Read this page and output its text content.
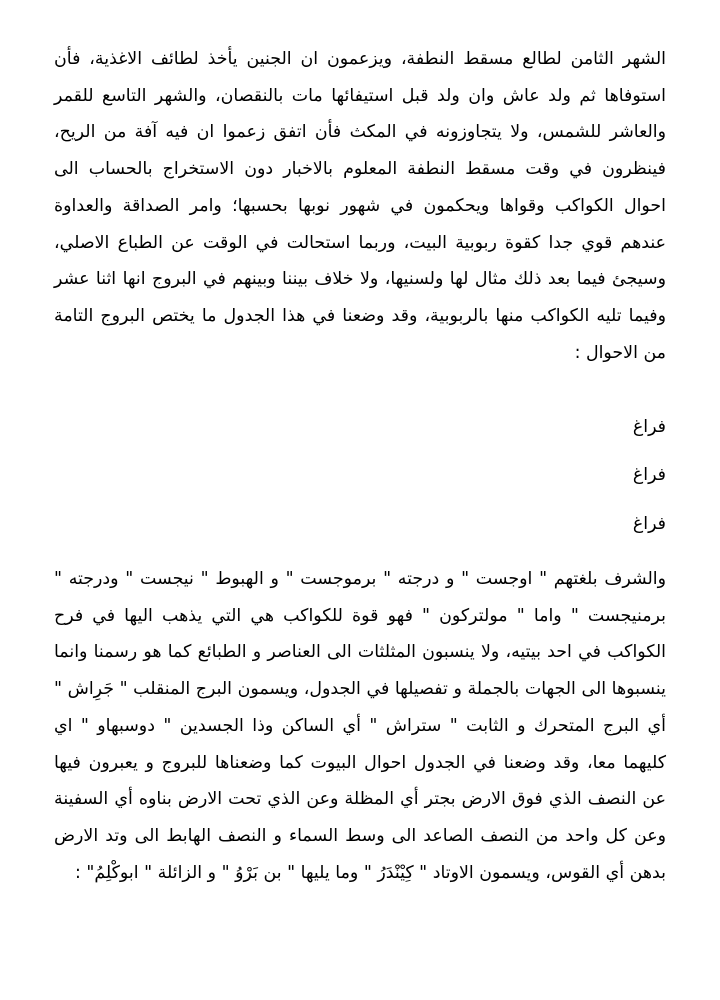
الشهر الثامن لطالع مسقط النطفة، ويزعمون ان الجنين يأخذ لطائف الاغذية، فأن استوفاها ثم ولد عاش وان ولد قبل استيفائها مات بالنقصان، والشهر التاسع للقمر والعاشر للشمس، ولا يتجاوزونه في المكث فأن اتفق زعموا ان فيه آفة من الريح، فينظرون في وقت مسقط النطفة المعلوم بالاخبار دون الاستخراج بالحساب الى احوال الكواكب وقواها ويحكمون في شهور نوبها بحسبها؛ وامر الصداقة والعداوة عندهم قوي جدا كقوة ربوبية البيت، وربما استحالت في الوقت عن الطباع الاصلي، وسيجئ فيما بعد ذلك مثال لها ولسنيها، ولا خلاف بيننا وبينهم في البروج انها اثنا عشر وفيما تليه الكواكب منها بالربوبية، وقد وضعنا في هذا الجدول ما يختص البروج التامة من الاحوال :
فراغ
فراغ
فراغ
والشرف بلغتهم " اوجست " و درجته " برموجست " و الهبوط " نيجست " ودرجته " برمنيجست " واما " مولتركون " فهو قوة للكواكب هي التي يذهب اليها في فرح الكواكب في احد بيتيه، ولا ينسبون المثلثات الى العناصر و الطبائع كما هو رسمنا وانما ينسبوها الى الجهات بالجملة و تفصيلها في الجدول، ويسمون البرج المنقلب " جَرِاش " أي البرج المتحرك و الثابت " ستراش " أي الساكن وذا الجسدين " دوسبهاو " اي كليهما معا، وقد وضعنا في الجدول احوال البيوت كما وضعناها للبروج و يعبرون فيها عن النصف الذي فوق الارض بجتر أي المظلة وعن الذي تحت الارض بناوه أي السفينة وعن كل واحد من النصف الصاعد الى وسط السماء و النصف الهابط الى وتد الارض بدهن أي القوس، ويسمون الاوتاد " كِيْنْدَرُ " وما يليها " بن بَرْوُ " و الزائلة " ابوكْلِمُ" :
